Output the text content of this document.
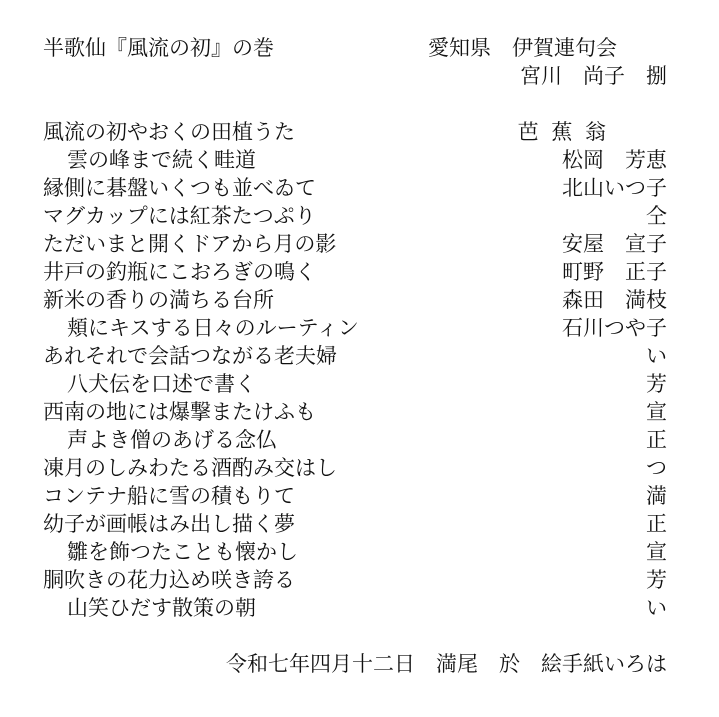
半歌仙『風流の初』の巻	愛知県　伊賀連句会
宮川　尚子　捌
風流の初やおくの田植うた	芭 蕉 翁
雲の峰まで続く畦道	松岡　芳恵
縁側に碁盤いくつも並べゐて	北山いつ子
マグカップには紅茶たつぷり	仝
ただいまと開くドアから月の影	安屋　宣子
井戸の釣瓶にこおろぎの鳴く	町野　正子
新米の香りの満ちる台所	森田　満枝
頬にキスする日々のルーティン	石川つや子
あれそれで会話つながる老夫婦	い
八犬伝を口述で書く	芳
西南の地には爆撃またけふも	宣
声よき僧のあげる念仏	正
凍月のしみわたる酒酌み交はし	つ
コンテナ船に雪の積もりて	満
幼子が画帳はみ出し描く夢	正
雛を飾つたことも懐かし	宣
胴吹きの花力込め咲き誇る	芳
山笑ひだす散策の朝	い
令和七年四月十二日　満尾　於　絵手紙いろは
